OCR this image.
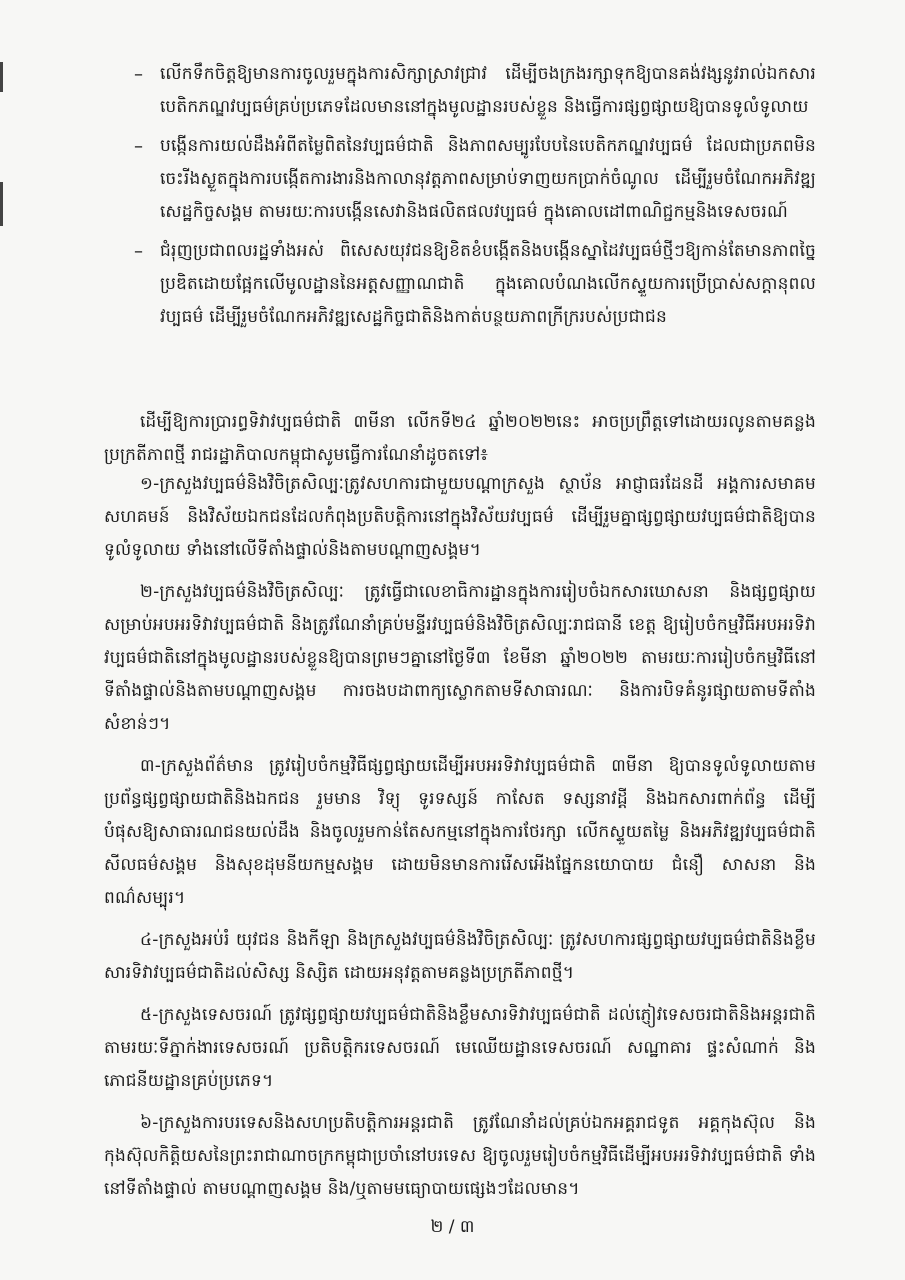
– លើកទឹកចិត្តឱ្យមានការចូលរួមក្នុងការសិក្សាស្រាវជ្រាវ ដើម្បីចងក្រងរក្សាទុកឱ្យបានគង់វង្សនូវរាល់ឯកសារបេតិកភណ្ឌវប្បធម៌គ្រប់ប្រភេទដែលមាននៅក្នុងមូលដ្ឋានរបស់ខ្លួន និងធ្វើការផ្សព្វផ្សាយឱ្យបានទូលំទូលាយ
– បង្កើនការយល់ដឹងអំពីតម្លៃពិតនៃវប្បធម៌ជាតិ និងភាពសម្បូរបែបនៃបេតិកភណ្ឌវប្បធម៌ ដែលជាប្រភពមិនចេះរីងស្ងួតក្នុងការបង្កើតការងារនិងកាលានុវត្តភាពសម្រាប់ទាញយកប្រាក់ចំណូល ដើម្បីរួមចំណែកអភិវឌ្ឍសេដ្ឋកិច្ចសង្គម តាមរយៈការបង្កើនសេវានិងផលិតផលវប្បធម៌ ក្នុងគោលដៅពាណិជ្ជកម្មនិងទេសចរណ៍
– ជំរុញប្រជាពលរដ្ឋទាំងអស់ ពិសេសយុវជនឱ្យខិតខំបង្កើតនិងបង្កើនស្នាដៃវប្បធម៌ថ្មីៗឱ្យកាន់តែមានភាពច្នៃប្រឌិតដោយផ្អែកលើមូលដ្ឋាននៃអត្តសញ្ញាណជាតិ ក្នុងគោលបំណងលើកស្ទួយការប្រើប្រាស់សក្តានុពលវប្បធម៌ ដើម្បីរួមចំណែកអភិវឌ្ឍសេដ្ឋកិច្ចជាតិនិងកាត់បន្ថយភាពក្រីក្ររបស់ប្រជាជន
ដើម្បីឱ្យការប្រារព្ធទិវាវប្បធម៌ជាតិ ៣មីនា លើកទី២៤ ឆ្នាំ២០២២នេះ អាចប្រព្រឹត្តទៅដោយរលូនតាមគន្លងប្រក្រតីភាពថ្មី រាជរដ្ឋាភិបាលកម្ពុជាសូមធ្វើការណែនាំដូចតទៅ៖
១-ក្រសួងវប្បធម៌និងវិចិត្រសិល្បៈត្រូវសហការជាមួយបណ្តាក្រសួង ស្ថាប័ន អាជ្ញាធរដែនដី អង្គការសមាគម សហគមន៍ និងវិស័យឯកជនដែលកំពុងប្រតិបត្តិការនៅក្នុងវិស័យវប្បធម៌ ដើម្បីរួមគ្នាផ្សព្វផ្សាយវប្បធម៌ជាតិឱ្យបានទូលំទូលាយ ទាំងនៅលើទីតាំងផ្ទាល់និងតាមបណ្តាញសង្គម។
២-ក្រសួងវប្បធម៌និងវិចិត្រសិល្បៈ ត្រូវធ្វើជាលេខាធិការដ្ឋានក្នុងការរៀបចំឯកសារឃោសនា និងផ្សព្វផ្សាយសម្រាប់អបអរទិវាវប្បធម៌ជាតិ និងត្រូវណែនាំគ្រប់មន្ទីរវប្បធម៌និងវិចិត្រសិល្បៈរាជធានី ខេត្ត ឱ្យរៀបចំកម្មវិធីអបអរទិវាវប្បធម៌ជាតិនៅក្នុងមូលដ្ឋានរបស់ខ្លួនឱ្យបានព្រមៗគ្នានៅថ្ងៃទី៣ ខែមីនា ឆ្នាំ២០២២ តាមរយៈការរៀបចំកម្មវិធីនៅទីតាំងផ្ទាល់និងតាមបណ្តាញសង្គម ការចងបដាពាក្យស្លោកតាមទីសាធារណៈ និងការបិទគំនូរផ្សាយតាមទីតាំងសំខាន់ៗ។
៣-ក្រសួងព័ត៌មាន ត្រូវរៀបចំកម្មវិធីផ្សព្វផ្សាយដើម្បីអបអរទិវាវប្បធម៌ជាតិ ៣មីនា ឱ្យបានទូលំទូលាយតាមប្រព័ន្ធផ្សព្វផ្សាយជាតិនិងឯកជន រួមមាន វិទ្យុ ទូរទស្សន៍ កាសែត ទស្សនាវដ្តី និងឯកសារពាក់ព័ន្ធ ដើម្បីបំផុសឱ្យសាធារណជនយល់ដឹង និងចូលរួមកាន់តែសកម្មនៅក្នុងការថែរក្សា លើកស្ទួយតម្លៃ និងអភិវឌ្ឍវប្បធម៌ជាតិ សីលធម៌សង្គម និងសុខដុមនីយកម្មសង្គម ដោយមិនមានការរើសអើងផ្នែកនយោបាយ ជំនឿ សាសនា និងពណ៌សម្បុរ។
៤-ក្រសួងអប់រំ យុវជន និងកីឡា និងក្រសួងវប្បធម៌និងវិចិត្រសិល្បៈ ត្រូវសហការផ្សព្វផ្សាយវប្បធម៌ជាតិនិងខ្លឹមសារទិវាវប្បធម៌ជាតិដល់សិស្ស និស្សិត ដោយអនុវត្តតាមគន្លងប្រក្រតីភាពថ្មី។
៥-ក្រសួងទេសចរណ៍ ត្រូវផ្សព្វផ្សាយវប្បធម៌ជាតិនិងខ្លឹមសារទិវាវប្បធម៌ជាតិ ដល់ភ្ញៀវទេសចរជាតិនិងអន្តរជាតិ តាមរយៈទីភ្នាក់ងារទេសចរណ៍ ប្រតិបត្តិករទេសចរណ៍ មេឈើយដ្ឋានទេសចរណ៍ សណ្ឋាគារ ផ្ទះសំណាក់ និងភោជនីយដ្ឋានគ្រប់ប្រភេទ។
៦-ក្រសួងការបរទេសនិងសហប្រតិបត្តិការអន្តរជាតិ ត្រូវណែនាំដល់គ្រប់ឯកអគ្គរាជទូត អគ្គកុងស៊ុល និងកុងស៊ុលកិត្តិយសនៃព្រះរាជាណាចក្រកម្ពុជាប្រចាំនៅបរទេស ឱ្យចូលរួមរៀបចំកម្មវិធីដើម្បីអបអរទិវាវប្បធម៌ជាតិ ទាំងនៅទីតាំងផ្ទាល់ តាមបណ្តាញសង្គម និង/ឬតាមមធ្យោបាយផ្សេងៗដែលមាន។
២ / ៣
